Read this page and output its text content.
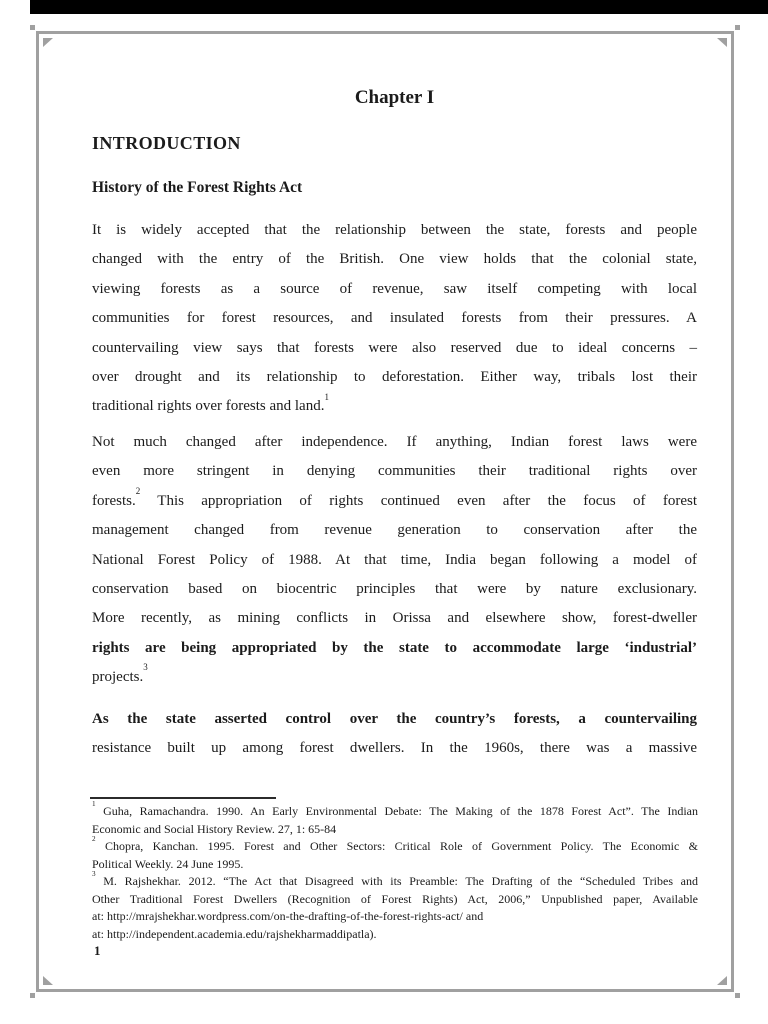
Chapter I
INTRODUCTION
History of the Forest Rights Act
It is widely accepted that the relationship between the state, forests and people
changed with the entry of the British. One view holds that the colonial state,
viewing forests as a source of revenue, saw itself competing with local
communities for forest resources, and insulated forests from their pressures. A
countervailing view says that forests were also reserved due to ideal concerns –
over drought and its relationship to deforestation. Either way, tribals lost their
traditional rights over forests and land.$^1$
Not much changed after independence. If anything, Indian forest laws were
even more stringent in denying communities their traditional rights over
forests.$^2$ This appropriation of rights continued even after the focus of forest
management changed from revenue generation to conservation after the
National Forest Policy of 1988. At that time, India began following a model of
conservation based on biocentric principles that were by nature exclusionary.
More recently, as mining conflicts in Orissa and elsewhere show, forest-dweller
rights are being appropriated by the state to accommodate large ‘industrial’
projects.$^3$
As the state asserted control over the country’s forests, a countervailing
resistance built up among forest dwellers. In the 1960s, there was a massive
$^1$ Guha, Ramachandra. 1990. An Early Environmental Debate: The Making of the 1878 Forest Act”. The Indian
Economic and Social History Review. 27, 1: 65-84
$^2$ Chopra, Kanchan. 1995. Forest and Other Sectors: Critical Role of Government Policy. The Economic &
Political Weekly. 24 June 1995.
$^3$ M. Rajshekhar. 2012. “The Act that Disagreed with its Preamble: The Drafting of the “Scheduled Tribes and
Other Traditional Forest Dwellers (Recognition of Forest Rights) Act, 2006,” Unpublished paper, Available
at: http://mrajshekhar.wordpress.com/on-the-drafting-of-the-forest-rights-act/ and
at: http://independent.academia.edu/rajshekharmaddipatla).
1
